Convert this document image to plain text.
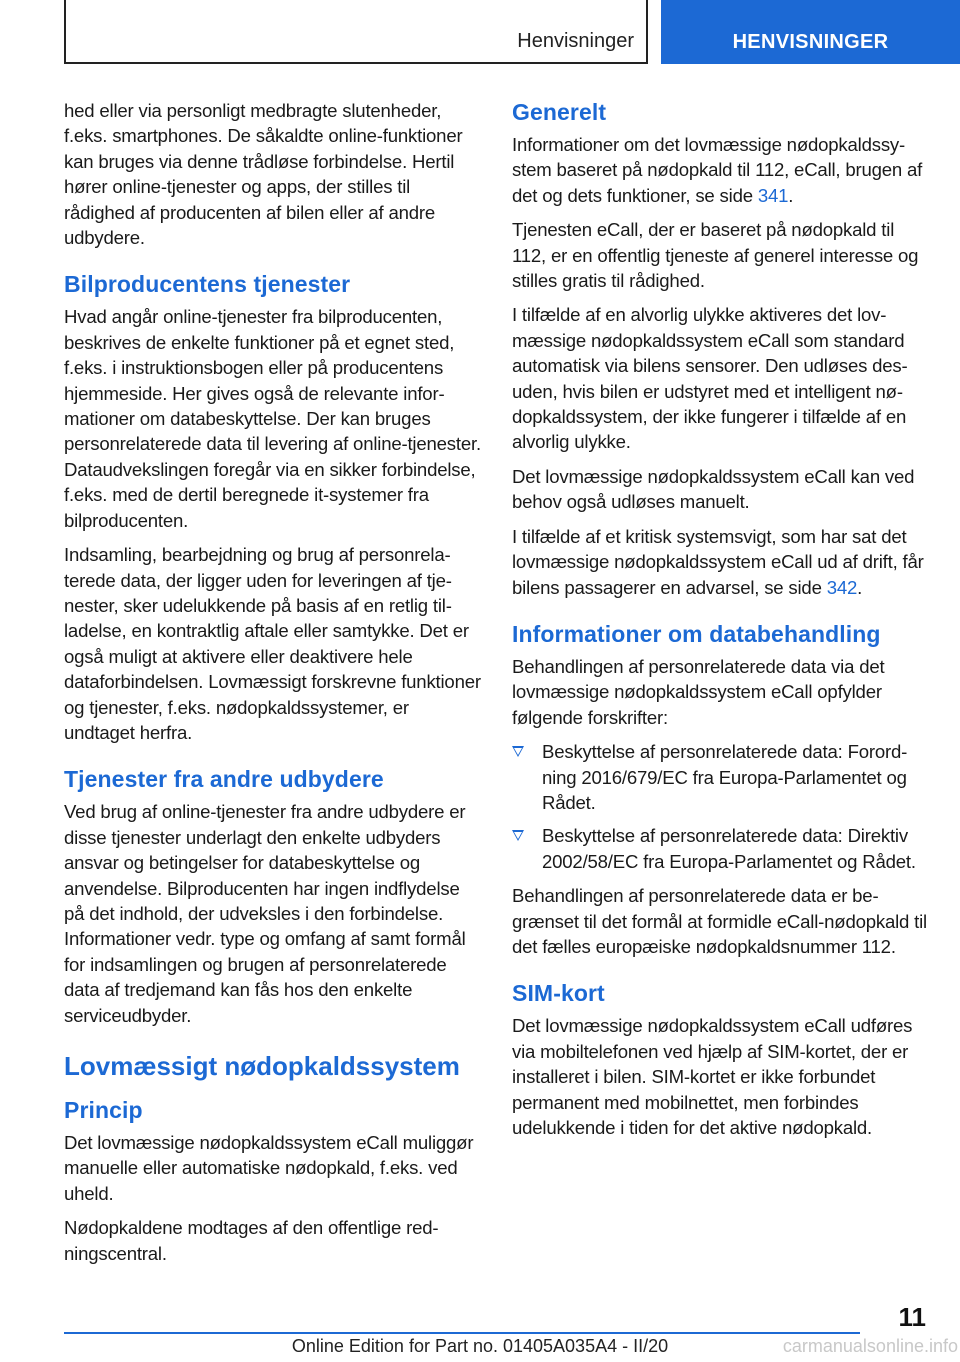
Henvisninger	HENVISNINGER

hed eller via personligt medbragte slutenheder, f.eks. smartphones. De såkaldte online-funktioner kan bruges via denne trådløse forbindelse. Hertil hører online-tjenester og apps, der stilles til rådighed af producenten af bilen eller af andre udbydere.

Bilproducentens tjenester

Hvad angår online-tjenester fra bilproducenten, beskrives de enkelte funktioner på et egnet sted, f.eks. i instruktionsbogen eller på producentens hjemmeside. Her gives også de relevante informationer om databeskyttelse. Der kan bruges personrelaterede data til levering af online-tjenester. Dataudvekslingen foregår via en sikker forbindelse, f.eks. med de dertil beregnede it-systemer fra bilproducenten.

Indsamling, bearbejdning og brug af personrelaterede data, der ligger uden for leveringen af tjenester, sker udelukkende på basis af en retlig tilladelse, en kontraktlig aftale eller samtykke. Det er også muligt at aktivere eller deaktivere hele dataforbindelsen. Lovmæssigt forskrevne funktioner og tjenester, f.eks. nødopkaldssystemer, er undtaget herfra.

Tjenester fra andre udbydere

Ved brug af online-tjenester fra andre udbydere er disse tjenester underlagt den enkelte udbyders ansvar og betingelser for databeskyttelse og anvendelse. Bilproducenten har ingen indflydelse på det indhold, der udveksles i den forbindelse. Informationer vedr. type og omfang af samt formål for indsamlingen og brugen af personrelaterede data af tredjemand kan fås hos den enkelte serviceudbyder.

Lovmæssigt nødopkaldssystem
Princip

Det lovmæssige nødopkaldssystem eCall muliggør manuelle eller automatiske nødopkald, f.eks. ved uheld.

Nødopkaldene modtages af den offentlige redningscentral.

Generelt

Informationer om det lovmæssige nødopkaldssystem baseret på nødopkald til 112, eCall, brugen af det og dets funktioner, se side 341.

Tjenesten eCall, der er baseret på nødopkald til 112, er en offentlig tjeneste af generel interesse og stilles gratis til rådighed.

I tilfælde af en alvorlig ulykke aktiveres det lovmæssige nødopkaldssystem eCall som standard automatisk via bilens sensorer. Den udløses desuden, hvis bilen er udstyret med et intelligent nødopkaldssystem, der ikke fungerer i tilfælde af en alvorlig ulykke.

Det lovmæssige nødopkaldssystem eCall kan ved behov også udløses manuelt.

I tilfælde af et kritisk systemsvigt, som har sat det lovmæssige nødopkaldssystem eCall ud af drift, får bilens passagerer en advarsel, se side 342.

Informationer om databehandling

Behandlingen af personrelaterede data via det lovmæssige nødopkaldssystem eCall opfylder følgende forskrifter:

Beskyttelse af personrelaterede data: Forordning 2016/679/EC fra Europa-Parlamentet og Rådet.
Beskyttelse af personrelaterede data: Direktiv 2002/58/EC fra Europa-Parlamentet og Rådet.

Behandlingen af personrelaterede data er begrænset til det formål at formidle eCall-nødopkald til det fælles europæiske nødopkaldsnummer 112.

SIM-kort

Det lovmæssige nødopkaldssystem eCall udføres via mobiltelefonen ved hjælp af SIM-kortet, der er installeret i bilen. SIM-kortet er ikke forbundet permanent med mobilnettet, men forbindes udelukkende i tiden for det aktive nødopkald.

11
Online Edition for Part no. 01405A035A4 - II/20	carmanualsonline.info
